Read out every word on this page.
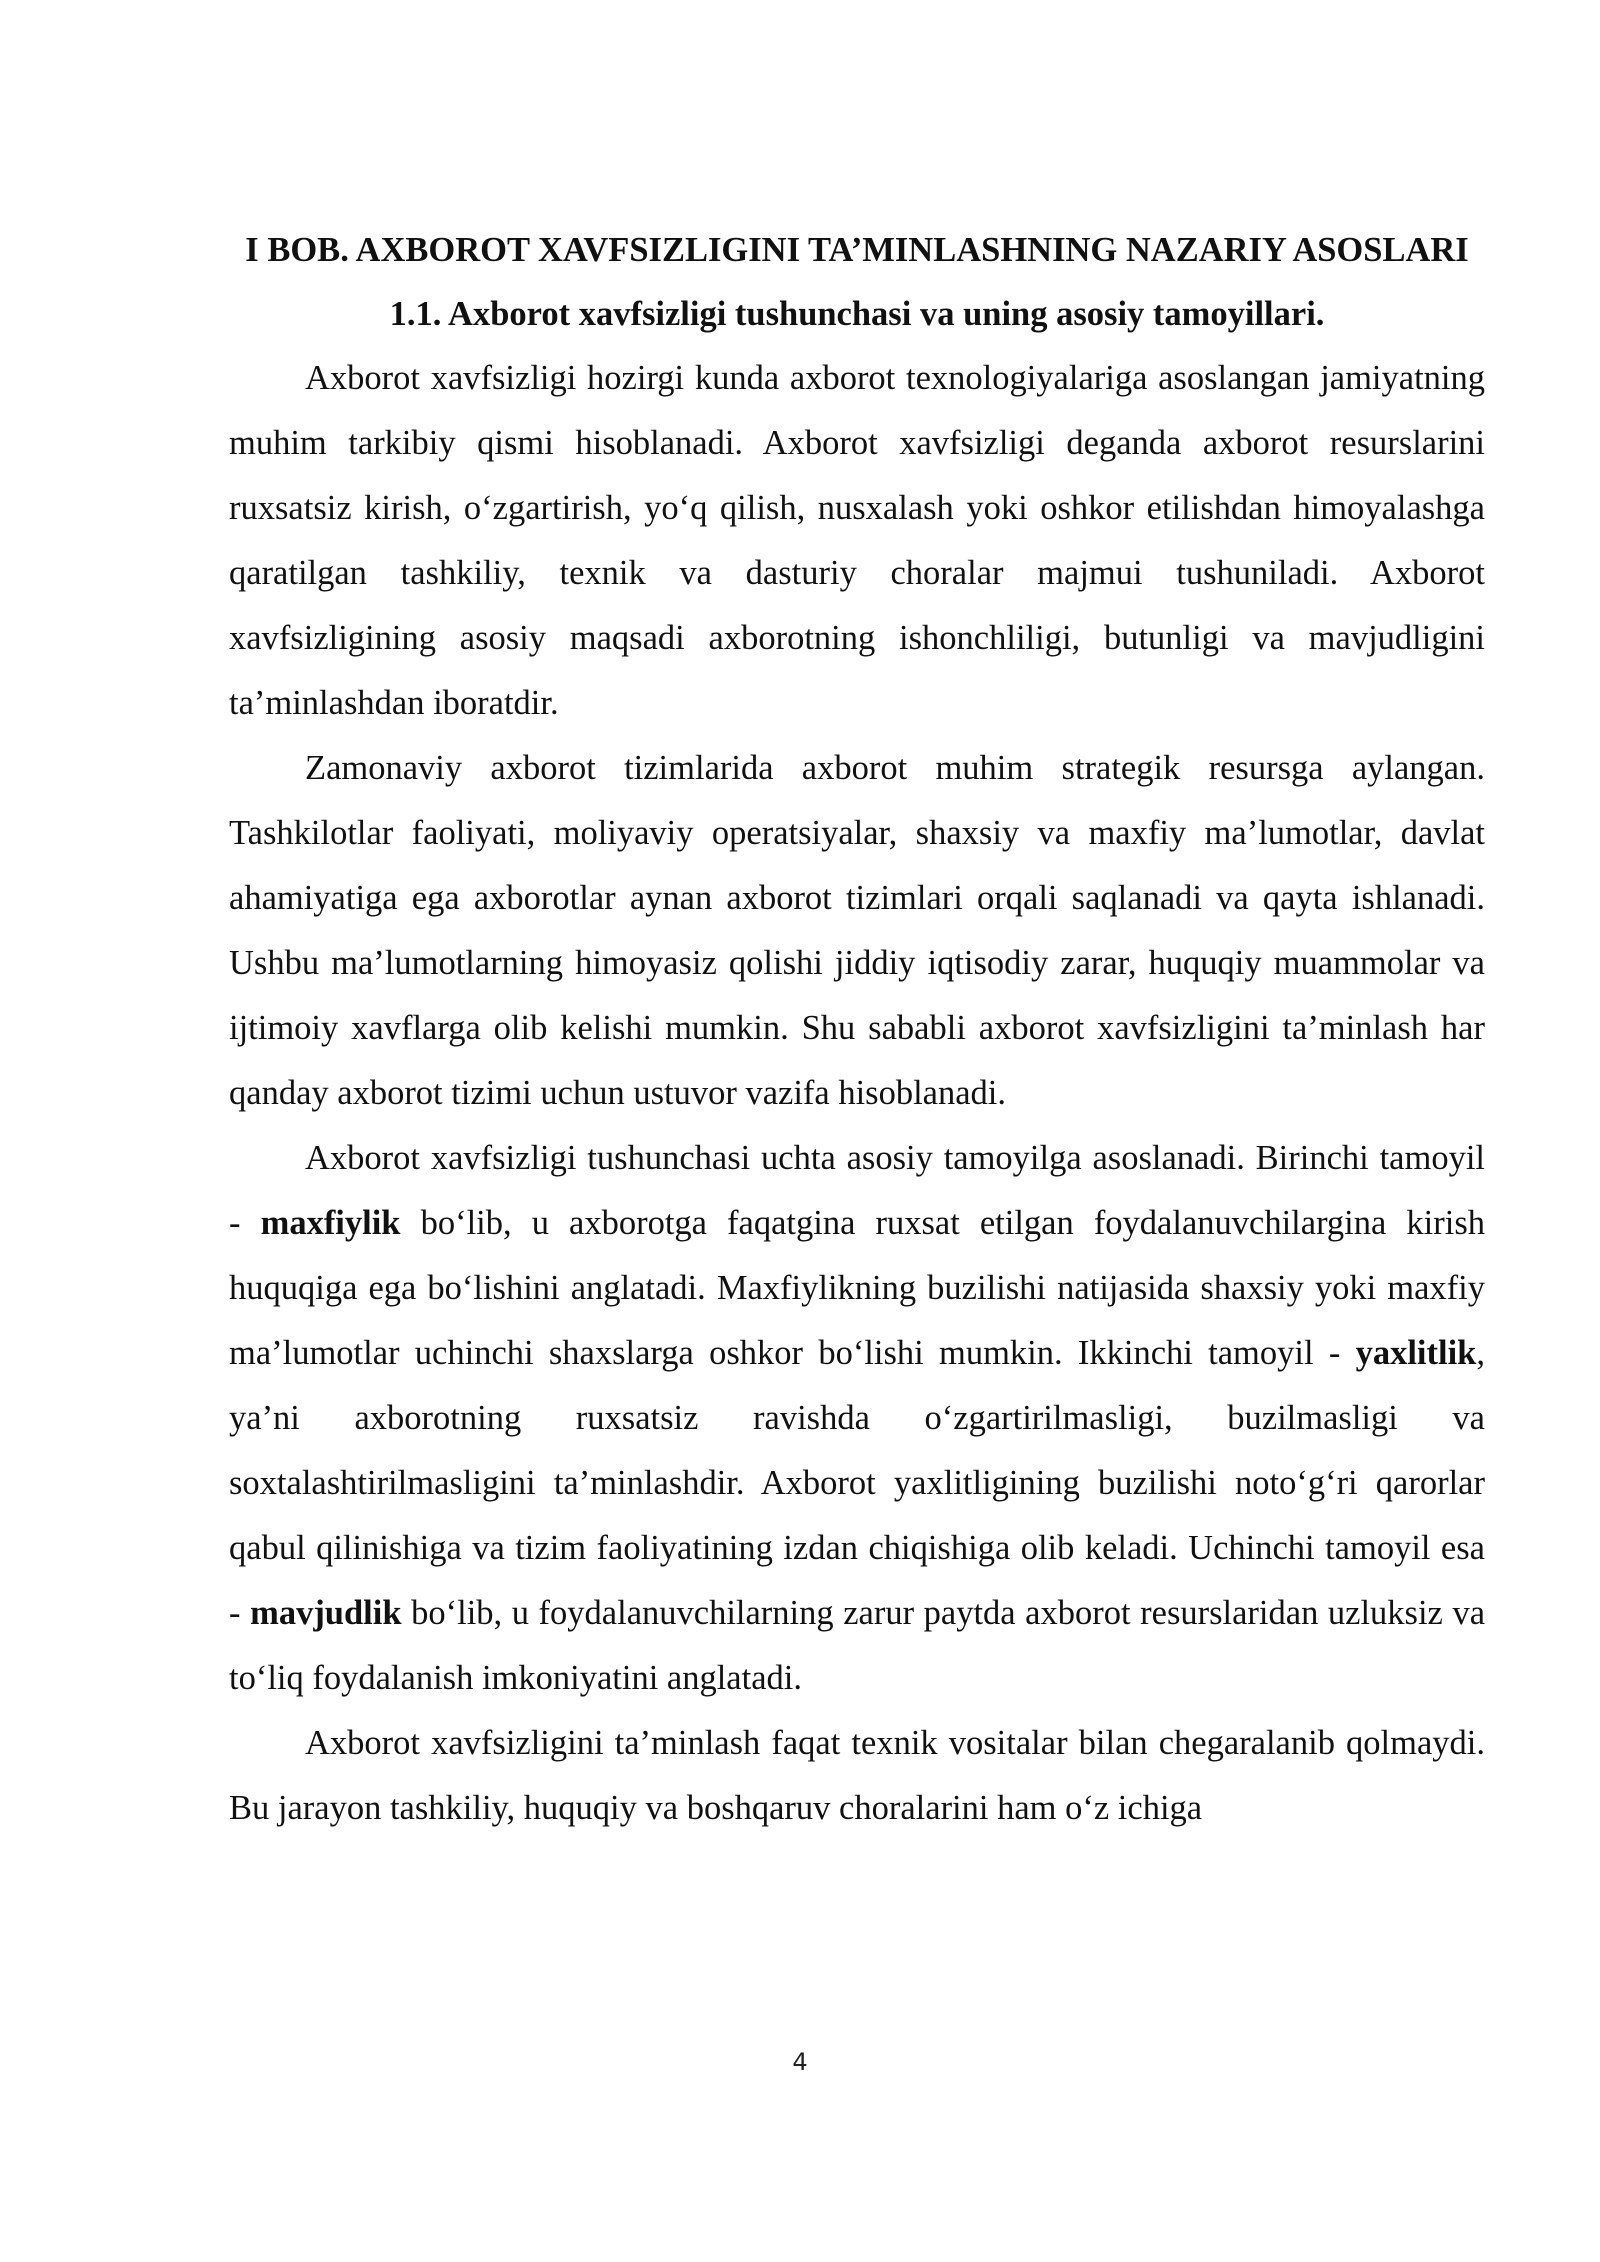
I BOB. AXBOROT XAVFSIZLIGINI TA’MINLASHNING NAZARIY ASOSLARI
1.1. Axborot xavfsizligi tushunchasi va uning asosiy tamoyillari.

Axborot xavfsizligi hozirgi kunda axborot texnologiyalariga asoslangan jamiyatning muhim tarkibiy qismi hisoblanadi. Axborot xavfsizligi deganda axborot resurslarini ruxsatsiz kirish, o‘zgartirish, yo‘q qilish, nusxalash yoki oshkor etilishdan himoyalashga qaratilgan tashkiliy, texnik va dasturiy choralar majmui tushuniladi. Axborot xavfsizligining asosiy maqsadi axborotning ishonchliligi, butunligi va mavjudligini ta’minlashdan iboratdir.

Zamonaviy axborot tizimlarida axborot muhim strategik resursga aylangan. Tashkilotlar faoliyati, moliyaviy operatsiyalar, shaxsiy va maxfiy ma’lumotlar, davlat ahamiyatiga ega axborotlar aynan axborot tizimlari orqali saqlanadi va qayta ishlanadi. Ushbu ma’lumotlarning himoyasiz qolishi jiddiy iqtisodiy zarar, huquqiy muammolar va ijtimoiy xavflarga olib kelishi mumkin. Shu sababli axborot xavfsizligini ta’minlash har qanday axborot tizimi uchun ustuvor vazifa hisoblanadi.

Axborot xavfsizligi tushunchasi uchta asosiy tamoyilga asoslanadi. Birinchi tamoyil - maxfiylik bo‘lib, u axborotga faqatgina ruxsat etilgan foydalanuvchilargina kirish huquqiga ega bo‘lishini anglatadi. Maxfiylikning buzilishi natijasida shaxsiy yoki maxfiy ma’lumotlar uchinchi shaxslarga oshkor bo‘lishi mumkin. Ikkinchi tamoyil - yaxlitlik, ya’ni axborotning ruxsatsiz ravishda o‘zgartirilmasligi, buzilmasligi va soxtalashtirilmasligini ta’minlashdir. Axborot yaxlitligining buzilishi noto‘g‘ri qarorlar qabul qilinishiga va tizim faoliyatining izdan chiqishiga olib keladi. Uchinchi tamoyil esa - mavjudlik bo‘lib, u foydalanuvchilarning zarur paytda axborot resurslaridan uzluksiz va to‘liq foydalanish imkoniyatini anglatadi.

Axborot xavfsizligini ta’minlash faqat texnik vositalar bilan chegaralanib qolmaydi. Bu jarayon tashkiliy, huquqiy va boshqaruv choralarini ham o‘z ichiga

4
